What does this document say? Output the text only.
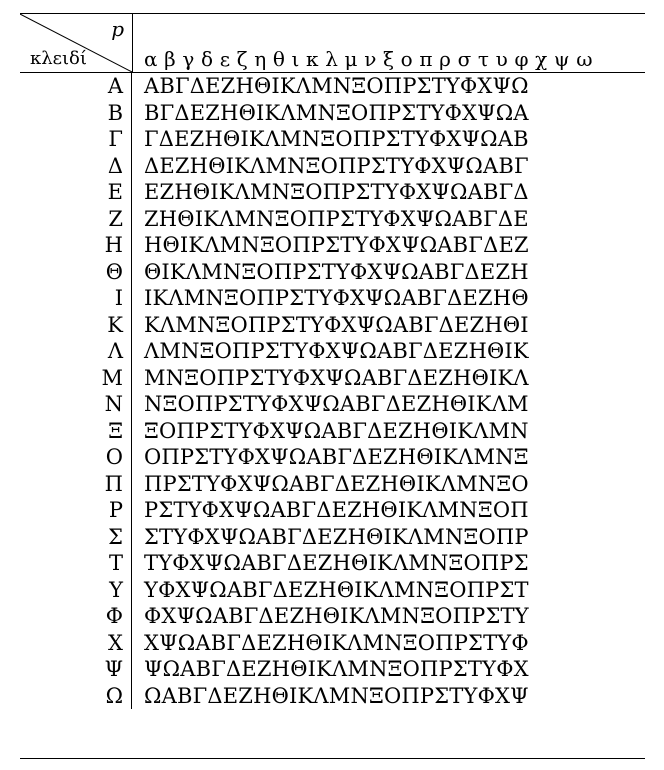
p
κλειδί	α β γ δ ε ζ η θ ι κ λ μ ν ξ ο π ρ σ τ υ φ χ ψ ω
Α	ΑΒΓΔΕΖΗΘΙΚΛΜΝΞΟΠΡΣΤΥΦΧΨΩ
Β	ΒΓΔΕΖΗΘΙΚΛΜΝΞΟΠΡΣΤΥΦΧΨΩΑ
Γ	ΓΔΕΖΗΘΙΚΛΜΝΞΟΠΡΣΤΥΦΧΨΩΑΒ
Δ	ΔΕΖΗΘΙΚΛΜΝΞΟΠΡΣΤΥΦΧΨΩΑΒΓ
Ε	ΕΖΗΘΙΚΛΜΝΞΟΠΡΣΤΥΦΧΨΩΑΒΓΔ
Ζ	ΖΗΘΙΚΛΜΝΞΟΠΡΣΤΥΦΧΨΩΑΒΓΔΕ
Η	ΗΘΙΚΛΜΝΞΟΠΡΣΤΥΦΧΨΩΑΒΓΔΕΖ
Θ	ΘΙΚΛΜΝΞΟΠΡΣΤΥΦΧΨΩΑΒΓΔΕΖΗ
Ι	ΙΚΛΜΝΞΟΠΡΣΤΥΦΧΨΩΑΒΓΔΕΖΗΘ
Κ	ΚΛΜΝΞΟΠΡΣΤΥΦΧΨΩΑΒΓΔΕΖΗΘΙ
Λ	ΛΜΝΞΟΠΡΣΤΥΦΧΨΩΑΒΓΔΕΖΗΘΙΚ
Μ	ΜΝΞΟΠΡΣΤΥΦΧΨΩΑΒΓΔΕΖΗΘΙΚΛ
Ν	ΝΞΟΠΡΣΤΥΦΧΨΩΑΒΓΔΕΖΗΘΙΚΛΜ
Ξ	ΞΟΠΡΣΤΥΦΧΨΩΑΒΓΔΕΖΗΘΙΚΛΜΝ
Ο	ΟΠΡΣΤΥΦΧΨΩΑΒΓΔΕΖΗΘΙΚΛΜΝΞ
Π	ΠΡΣΤΥΦΧΨΩΑΒΓΔΕΖΗΘΙΚΛΜΝΞΟ
Ρ	ΡΣΤΥΦΧΨΩΑΒΓΔΕΖΗΘΙΚΛΜΝΞΟΠ
Σ	ΣΤΥΦΧΨΩΑΒΓΔΕΖΗΘΙΚΛΜΝΞΟΠΡ
Τ	ΤΥΦΧΨΩΑΒΓΔΕΖΗΘΙΚΛΜΝΞΟΠΡΣ
Υ	ΥΦΧΨΩΑΒΓΔΕΖΗΘΙΚΛΜΝΞΟΠΡΣΤ
Φ	ΦΧΨΩΑΒΓΔΕΖΗΘΙΚΛΜΝΞΟΠΡΣΤΥ
Χ	ΧΨΩΑΒΓΔΕΖΗΘΙΚΛΜΝΞΟΠΡΣΤΥΦ
Ψ	ΨΩΑΒΓΔΕΖΗΘΙΚΛΜΝΞΟΠΡΣΤΥΦΧ
Ω	ΩΑΒΓΔΕΖΗΘΙΚΛΜΝΞΟΠΡΣΤΥΦΧΨ
